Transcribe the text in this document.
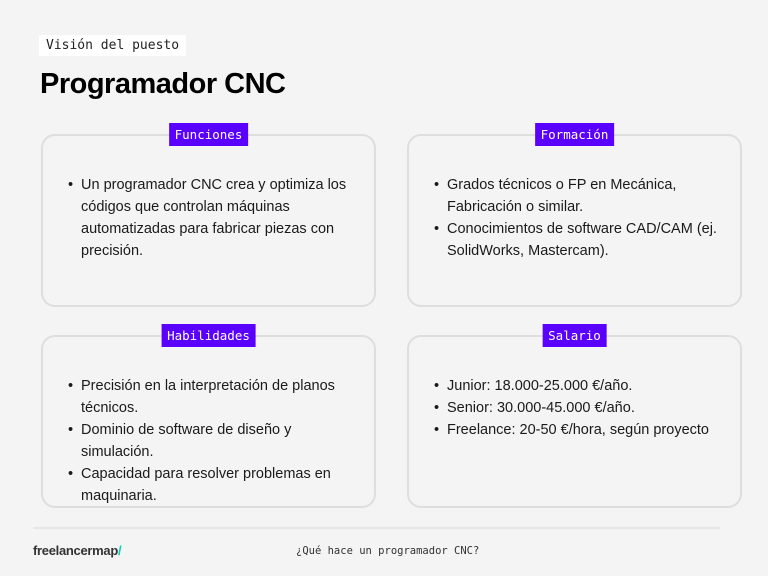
Visión del puesto
Programador CNC
Funciones
• Un programador CNC crea y optimiza los códigos que controlan máquinas automatizadas para fabricar piezas con precisión.
Formación
• Grados técnicos o FP en Mecánica, Fabricación o similar.
• Conocimientos de software CAD/CAM (ej. SolidWorks, Mastercam).
Habilidades
• Precisión en la interpretación de planos técnicos.
• Dominio de software de diseño y simulación.
• Capacidad para resolver problemas en maquinaria.
Salario
• Junior: 18.000-25.000 €/año.
• Senior: 30.000-45.000 €/año.
• Freelance: 20-50 €/hora, según proyecto
freelancermap/	¿Qué hace un programador CNC?
